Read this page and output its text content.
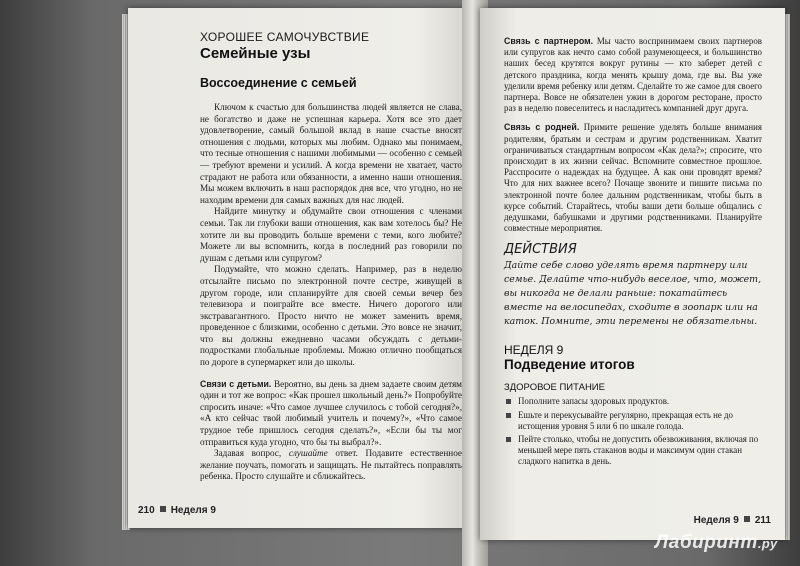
ХОРОШЕЕ САМОЧУВСТВИЕ
Семейные узы
Воссоединение с семьей

Ключом к счастью для большинства людей является не слава, не богатство и даже не успешная карьера. Хотя все это дает удовлетворение, самый большой вклад в наше счастье вносят отношения с людьми, которых мы любим. Однако мы понимаем, что тесные отношения с нашими любимыми — особенно с семьей — требуют времени и усилий. А когда времени не хватает, часто страдают не работа или обязанности, а именно наши отношения. Мы можем включить в наш распорядок дня все, что угодно, но не находим времени для самых важных для нас людей.

Найдите минутку и обдумайте свои отношения с членами семьи. Так ли глубоки ваши отношения, как вам хотелось бы? Не хотите ли вы проводить больше времени с теми, кого любите? Можете ли вы вспомнить, когда в последний раз говорили по душам с детьми или супругом?

Подумайте, что можно сделать. Например, раз в неделю отсылайте письмо по электронной почте сестре, живущей в другом городе, или спланируйте для своей семьи вечер без телевизора и поиграйте все вместе. Ничего дорогого или экстравагантного. Просто ничто не может заменить время, проведенное с близкими, особенно с детьми. Это вовсе не значит, что вы должны ежедневно часами обсуждать с детьми-подростками глобальные проблемы. Можно отлично пообщаться по дороге в супермаркет или до школы.

Связи с детьми. Вероятно, вы день за днем задаете своим детям один и тот же вопрос: «Как прошел школьный день?» Попробуйте спросить иначе: «Что самое лучшее случилось с тобой сегодня?», «А кто сейчас твой любимый учитель и почему?», «Что самое трудное тебе пришлось сегодня сделать?», «Если бы ты мог отправиться куда угодно, что бы ты выбрал?».

Задавая вопрос, слушайте ответ. Подавите естественное желание поучать, помогать и защищать. Не пытайтесь поправлять ребенка. Просто слушайте и сближайтесь.

210 Неделя 9

Связь с партнером. Мы часто воспринимаем своих партнеров или супругов как нечто само собой разумеющееся, и большинство наших бесед крутятся вокруг рутины — кто заберет детей с детского праздника, когда менять крышу дома, где вы. Вы уже уделили время ребенку или детям. Сделайте то же самое для своего партнера. Вовсе не обязателен ужин в дорогом ресторане, просто раз в неделю повеселитесь и насладитесь компанией друг друга.

Связь с родней. Примите решение уделять больше внимания родителям, братьям и сестрам и другим родственникам. Хватит ограничиваться стандартным вопросом «Как дела?»; спросите, что происходит в их жизни сейчас. Вспомните совместное прошлое. Расспросите о надеждах на будущее. А как они проводят время? Что для них важнее всего? Почаще звоните и пишите письма по электронной почте более дальним родственникам, чтобы быть в курсе событий. Старайтесь, чтобы ваши дети больше общались с дедушками, бабушками и другими родственниками. Планируйте совместные мероприятия.

ДЕЙСТВИЯ
Дайте себе слово уделять время партнеру или семье. Делайте что-нибудь веселое, что, может, вы никогда не делали раньше: покатайтесь вместе на велосипедах, сходите в зоопарк или на каток. Помните, эти перемены не обязательны.
НЕДЕЛЯ 9
Подведение итогов
ЗДОРОВОЕ ПИТАНИЕ
Пополните запасы здоровых продуктов.
Ешьте и перекусывайте регулярно, прекращая есть не до истощения уровня 5 или 6 по шкале голода.
Пейте столько, чтобы не допустить обезвоживания, включая по меньшей мере пять стаканов воды и максимум один стакан сладкого напитка в день.
Неделя 9 211
Лабиринт.ру
